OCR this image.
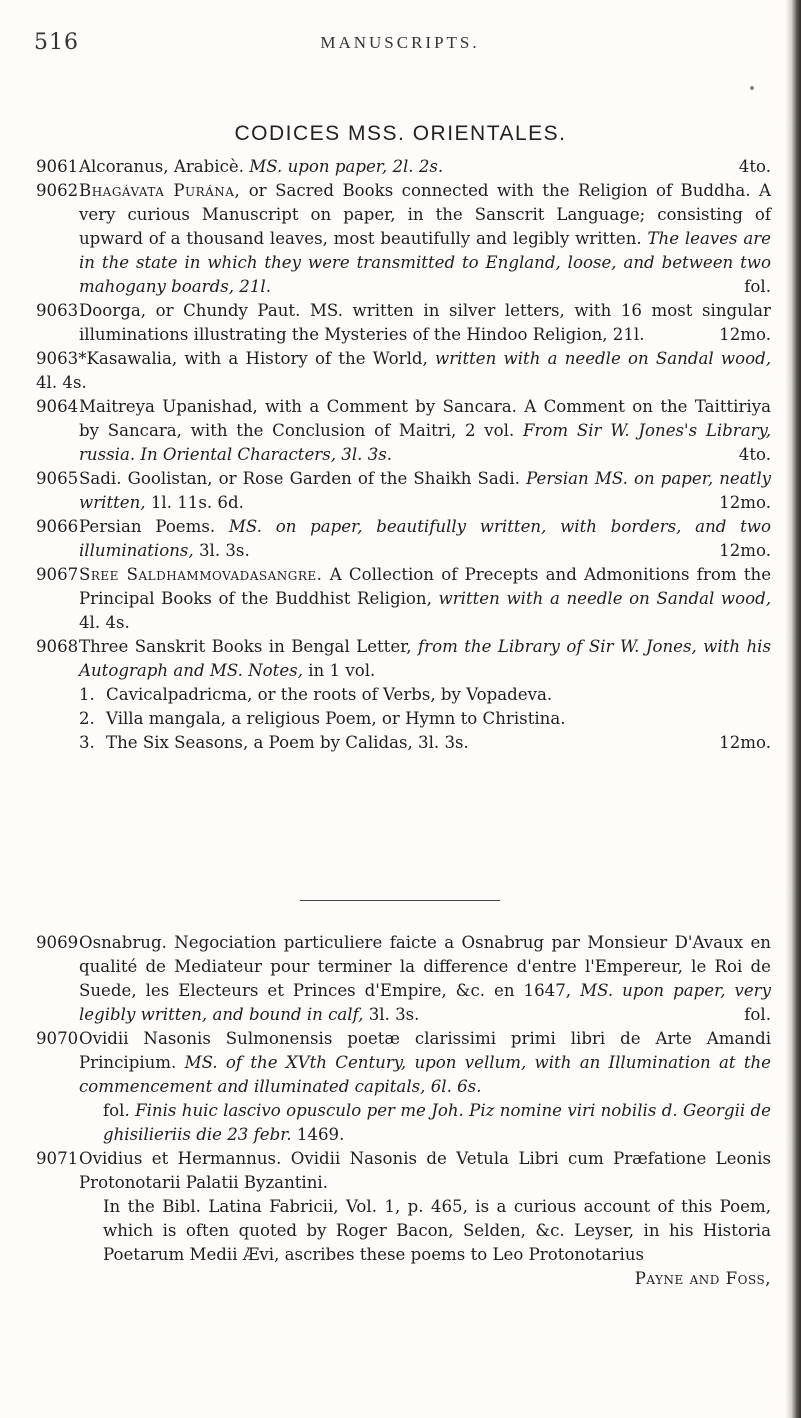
516	MANUSCRIPTS.
CODICES MSS. ORIENTALES.
9061 Alcoranus, Arabicè. MS. upon paper, 2l. 2s.	4to.
9062 Bhagávata Purána, or Sacred Books connected with the Religion of Buddha. A very curious Manuscript on paper, in the Sanscrit Language; consisting of upward of a thousand leaves, most beautifully and legibly written. The leaves are in the state in which they were transmitted to England, loose, and between two mahogany boards, 21l.	fol.
9063 Doorga, or Chundy Paut. MS. written in silver letters, with 16 most singular illuminations illustrating the Mysteries of the Hindoo Religion, 21l.	12mo.
9063*Kasawalia, with a History of the World, written with a needle on Sandal wood, 4l. 4s.
9064 Maitreya Upanishad, with a Comment by Sancara. A Comment on the Taittiriya by Sancara, with the Conclusion of Maitri, 2 vol. From Sir W. Jones's Library, russia. In Oriental Characters, 3l. 3s.	4to.
9065 Sadi. Goolistan, or Rose Garden of the Shaikh Sadi. Persian MS. on paper, neatly written, 1l. 11s. 6d.	12mo.
9066 Persian Poems. MS. on paper, beautifully written, with borders, and two illuminations, 3l. 3s.	12mo.
9067 Sree Saldhammovadasangre. A Collection of Precepts and Admonitions from the Principal Books of the Buddhist Religion, written with a needle on Sandal wood, 4l. 4s.
9068 Three Sanskrit Books in Bengal Letter, from the Library of Sir W. Jones, with his Autograph and MS. Notes, in 1 vol.
1. Cavicalpadricma, or the roots of Verbs, by Vopadeva.
2. Villa mangala, a religious Poem, or Hymn to Christina.
3. The Six Seasons, a Poem by Calidas, 3l. 3s.	12mo.
9069 Osnabrug. Negociation particuliere faicte a Osnabrug par Monsieur D'Avaux en qualité de Mediateur pour terminer la difference d'entre l'Empereur, le Roi de Suede, les Electeurs et Princes d'Empire, &c. en 1647, MS. upon paper, very legibly written, and bound in calf, 3l. 3s.	fol.
9070 Ovidii Nasonis Sulmonensis poetæ clarissimi primi libri de Arte Amandi Principium. MS. of the XVth Century, upon vellum, with an Illumination at the commencement and illuminated capitals, 6l. 6s.
fol. Finis huic lascivo opusculo per me Joh. Piz nomine viri nobilis d. Georgii de ghisilieriis die 23 febr. 1469.
9071 Ovidius et Hermannus. Ovidii Nasonis de Vetula Libri cum Præfatione Leonis Protonotarii Palatii Byzantini.
In the Bibl. Latina Fabricii, Vol. 1, p. 465, is a curious account of this Poem, which is often quoted by Roger Bacon, Selden, &c. Leyser, in his Historia Poetarum Medii Ævi, ascribes these poems to Leo Protonotarius
Payne and Foss,
